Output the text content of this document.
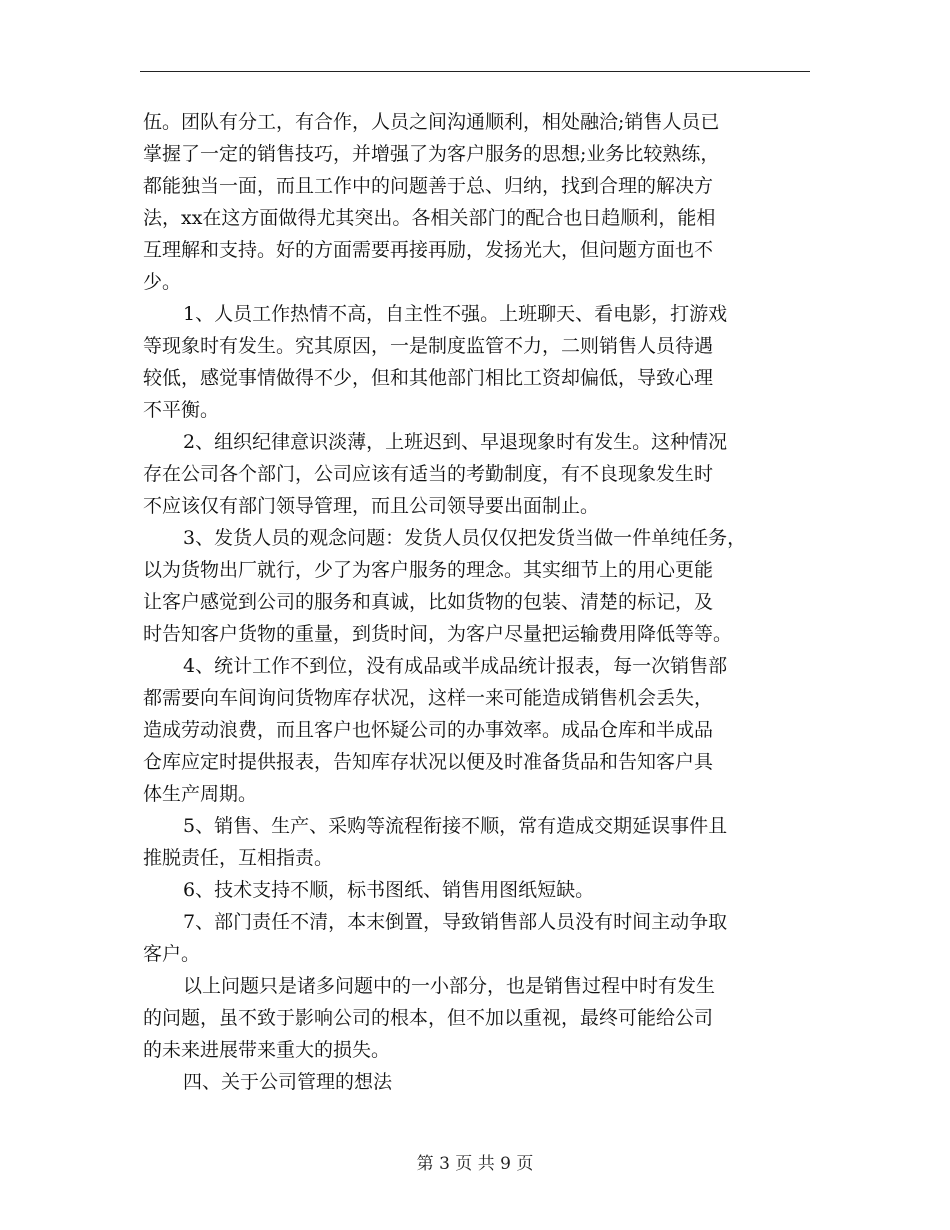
伍。团队有分工，有合作，人员之间沟通顺利，相处融洽;销售人员已
掌握了一定的销售技巧，并增强了为客户服务的思想;业务比较熟练，
都能独当一面，而且工作中的问题善于总、归纳，找到合理的解决方
法，xx在这方面做得尤其突出。各相关部门的配合也日趋顺利，能相
互理解和支持。好的方面需要再接再励，发扬光大，但问题方面也不
少。
1、人员工作热情不高，自主性不强。上班聊天、看电影，打游戏
等现象时有发生。究其原因，一是制度监管不力，二则销售人员待遇
较低，感觉事情做得不少，但和其他部门相比工资却偏低，导致心理
不平衡。
2、组织纪律意识淡薄，上班迟到、早退现象时有发生。这种情况
存在公司各个部门，公司应该有适当的考勤制度，有不良现象发生时
不应该仅有部门领导管理，而且公司领导要出面制止。
3、发货人员的观念问题：发货人员仅仅把发货当做一件单纯任务，
以为货物出厂就行，少了为客户服务的理念。其实细节上的用心更能
让客户感觉到公司的服务和真诚，比如货物的包装、清楚的标记，及
时告知客户货物的重量，到货时间，为客户尽量把运输费用降低等等。
4、统计工作不到位，没有成品或半成品统计报表，每一次销售部
都需要向车间询问货物库存状况，这样一来可能造成销售机会丢失，
造成劳动浪费，而且客户也怀疑公司的办事效率。成品仓库和半成品
仓库应定时提供报表，告知库存状况以便及时准备货品和告知客户具
体生产周期。
5、销售、生产、采购等流程衔接不顺，常有造成交期延误事件且
推脱责任，互相指责。
6、技术支持不顺，标书图纸、销售用图纸短缺。
7、部门责任不清，本末倒置，导致销售部人员没有时间主动争取
客户。
以上问题只是诸多问题中的一小部分，也是销售过程中时有发生
的问题，虽不致于影响公司的根本，但不加以重视，最终可能给公司
的未来进展带来重大的损失。
四、关于公司管理的想法
第 3 页 共 9 页
